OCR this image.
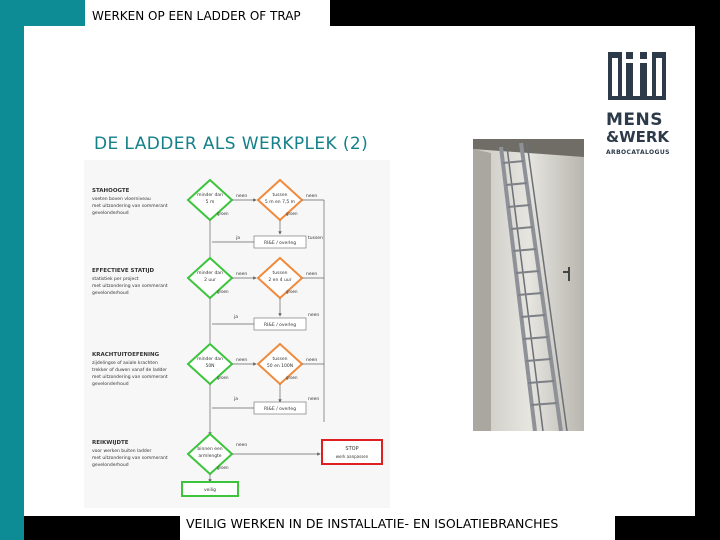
WERKEN OP EEN LADDER OF TRAP
DE LADDER ALS WERKPLEK (2)
MENS
&WERK
ARBOCATALOGUS
STAHOOGTE
voeten boven vloerniveau
met uitzondering van sommerant
gevelonderhoud
minder dan
5 m
tussen
5 m en 7,5 m
neen	neen
groen	groen
ja
RI&E / overleg
tussen
EFFECTIEVE STATIJD
statistiek per project
met uitzondering van sommerant
gevelonderhoud
minder dan
2 uur
tussen
2 en 4 uur
neen	neen
groen	groen
ja
RI&E / overleg
neen
KRACHTUITOEFENING
zijdelingse of axiale krachten
trekker of duwen vanaf de ladder
met uitzondering van sommerant
gevelonderhoud
minder dan
50N
tussen
50 en 100N
neen	neen
groen	groen
ja
RI&E / overleg
neen
REIKWIJDTE
voor werken buiten ladder
met uitzondering van sommerant
gevelonderhoud
binnen een
armlengte
neen
groen
STOP
werk aanpassen
veilig
VEILIG WERKEN IN DE INSTALLATIE- EN ISOLATIEBRANCHES
